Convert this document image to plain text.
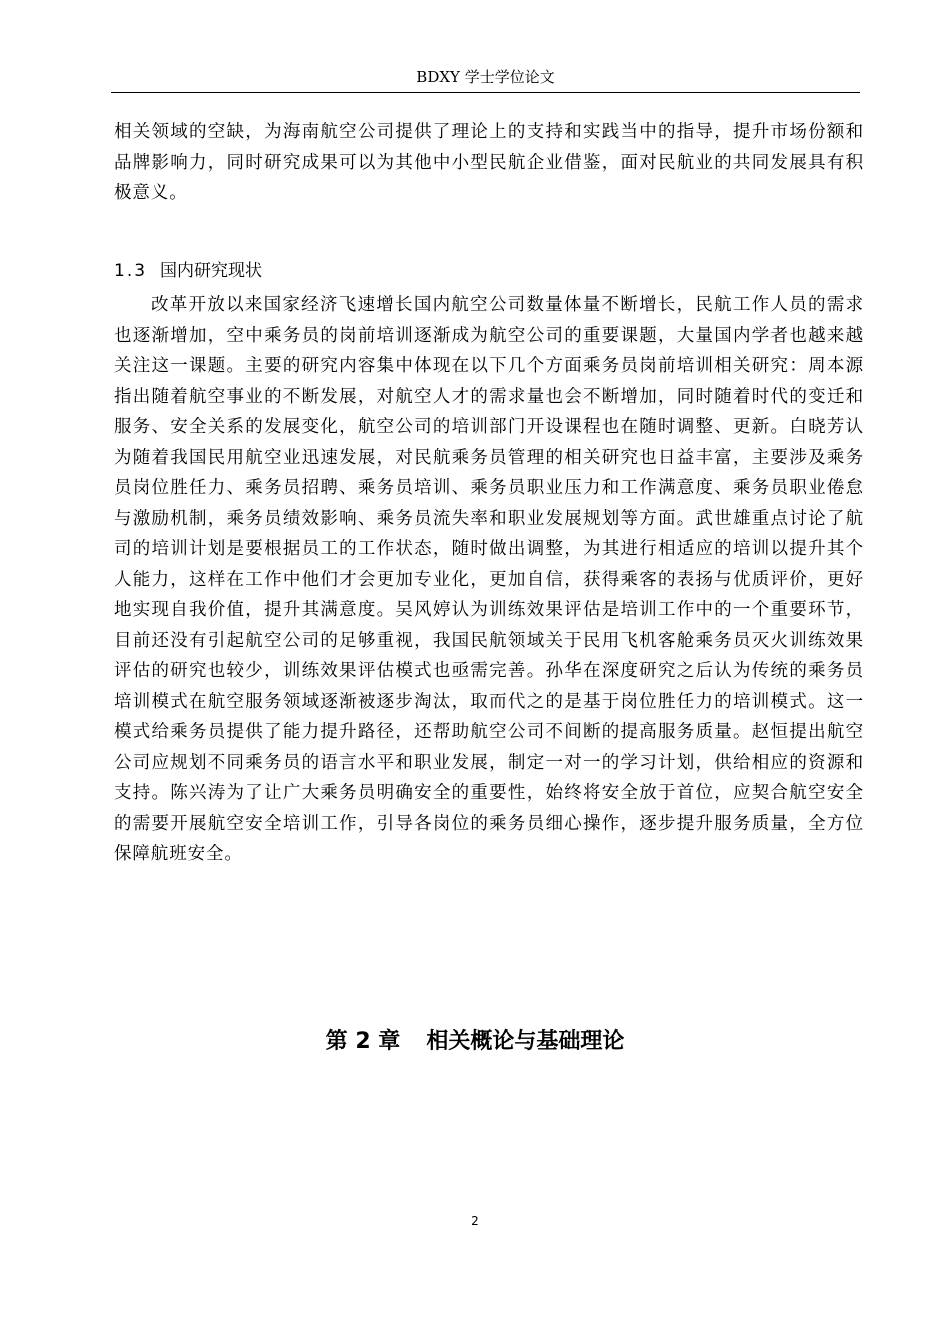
BDXY 学士学位论文

相关领域的空缺，为海南航空公司提供了理论上的支持和实践当中的指导，提升市场份额和品牌影响力，同时研究成果可以为其他中小型民航企业借鉴，面对民航业的共同发展具有积极意义。

1.3 国内研究现状

改革开放以来国家经济飞速增长国内航空公司数量体量不断增长，民航工作人员的需求也逐渐增加，空中乘务员的岗前培训逐渐成为航空公司的重要课题，大量国内学者也越来越关注这一课题。主要的研究内容集中体现在以下几个方面乘务员岗前培训相关研究：周本源指出随着航空事业的不断发展，对航空人才的需求量也会不断增加，同时随着时代的变迁和服务、安全关系的发展变化，航空公司的培训部门开设课程也在随时调整、更新。白晓芳认为随着我国民用航空业迅速发展，对民航乘务员管理的相关研究也日益丰富，主要涉及乘务员岗位胜任力、乘务员招聘、乘务员培训、乘务员职业压力和工作满意度、乘务员职业倦怠与激励机制，乘务员绩效影响、乘务员流失率和职业发展规划等方面。武世雄重点讨论了航司的培训计划是要根据员工的工作状态，随时做出调整，为其进行相适应的培训以提升其个人能力，这样在工作中他们才会更加专业化，更加自信，获得乘客的表扬与优质评价，更好地实现自我价值，提升其满意度。吴风婷认为训练效果评估是培训工作中的一个重要环节，目前还没有引起航空公司的足够重视，我国民航领域关于民用飞机客舱乘务员灭火训练效果评估的研究也较少，训练效果评估模式也亟需完善。孙华在深度研究之后认为传统的乘务员培训模式在航空服务领域逐渐被逐步淘汰，取而代之的是基于岗位胜任力的培训模式。这一模式给乘务员提供了能力提升路径，还帮助航空公司不间断的提高服务质量。赵恒提出航空公司应规划不同乘务员的语言水平和职业发展，制定一对一的学习计划，供给相应的资源和支持。陈兴涛为了让广大乘务员明确安全的重要性，始终将安全放于首位，应契合航空安全的需要开展航空安全培训工作，引导各岗位的乘务员细心操作，逐步提升服务质量，全方位保障航班安全。

第 2 章 相关概论与基础理论
2
